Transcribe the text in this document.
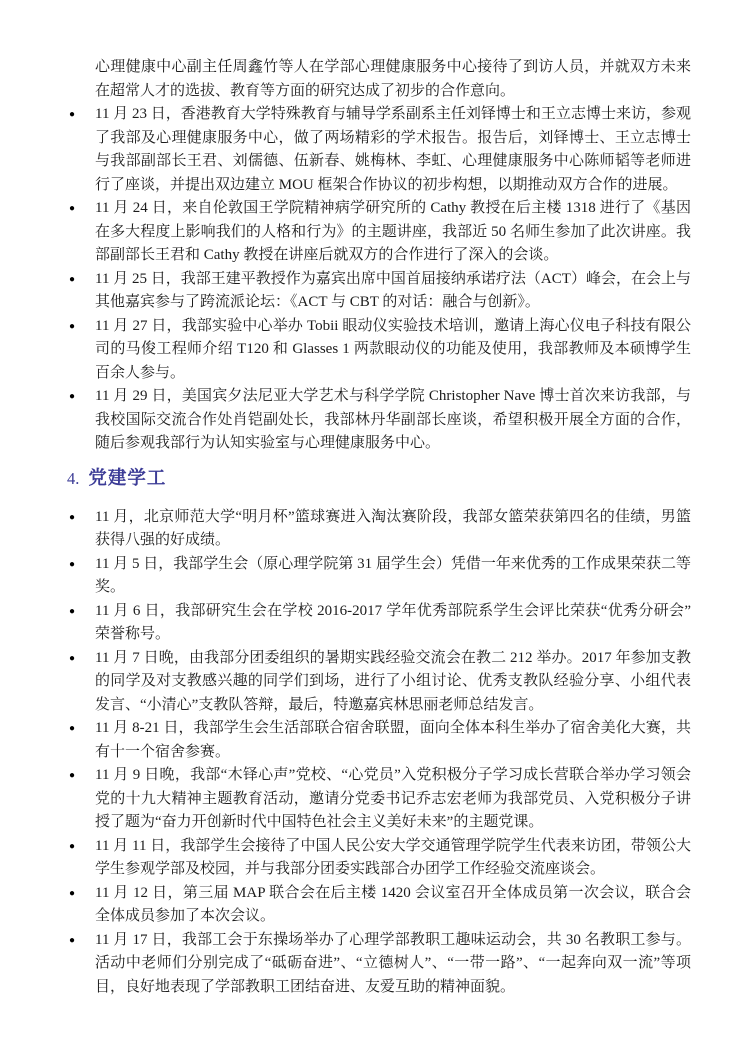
心理健康中心副主任周鑫竹等人在学部心理健康服务中心接待了到访人员，并就双方未来在超常人才的选拔、教育等方面的研究达成了初步的合作意向。

● 11 月 23 日，香港教育大学特殊教育与辅导学系副系主任刘铎博士和王立志博士来访，参观了我部及心理健康服务中心，做了两场精彩的学术报告。报告后，刘铎博士、王立志博士与我部副部长王君、刘儒德、伍新春、姚梅林、李虹、心理健康服务中心陈师韬等老师进行了座谈，并提出双边建立 MOU 框架合作协议的初步构想，以期推动双方合作的进展。
● 11 月 24 日，来自伦敦国王学院精神病学研究所的 Cathy 教授在后主楼 1318 进行了《基因在多大程度上影响我们的人格和行为》的主题讲座，我部近 50 名师生参加了此次讲座。我部副部长王君和 Cathy 教授在讲座后就双方的合作进行了深入的会谈。
● 11 月 25 日，我部王建平教授作为嘉宾出席中国首届接纳承诺疗法（ACT）峰会，在会上与其他嘉宾参与了跨流派论坛：《ACT 与 CBT 的对话：融合与创新》。
● 11 月 27 日，我部实验中心举办 Tobii 眼动仪实验技术培训，邀请上海心仪电子科技有限公司的马俊工程师介绍 T120 和 Glasses 1 两款眼动仪的功能及使用，我部教师及本硕博学生百余人参与。
● 11 月 29 日，美国宾夕法尼亚大学艺术与科学学院 Christopher Nave 博士首次来访我部，与我校国际交流合作处肖铠副处长，我部林丹华副部长座谈，希望积极开展全方面的合作，随后参观我部行为认知实验室与心理健康服务中心。
4. 党建学工
● 11 月，北京师范大学“明月杯”篮球赛进入淘汰赛阶段，我部女篮荣获第四名的佳绩，男篮获得八强的好成绩。
● 11 月 5 日，我部学生会（原心理学院第 31 届学生会）凭借一年来优秀的工作成果荣获二等奖。
● 11 月 6 日，我部研究生会在学校 2016-2017 学年优秀部院系学生会评比荣获“优秀分研会”荣誉称号。
● 11 月 7 日晚，由我部分团委组织的暑期实践经验交流会在教二 212 举办。2017 年参加支教的同学及对支教感兴趣的同学们到场，进行了小组讨论、优秀支教队经验分享、小组代表发言、“小清心”支教队答辩，最后，特邀嘉宾林思丽老师总结发言。
● 11 月 8-21 日，我部学生会生活部联合宿舍联盟，面向全体本科生举办了宿舍美化大赛，共有十一个宿舍参赛。
● 11 月 9 日晚，我部“木铎心声”党校、“心党员”入党积极分子学习成长营联合举办学习领会党的十九大精神主题教育活动，邀请分党委书记乔志宏老师为我部党员、入党积极分子讲授了题为“奋力开创新时代中国特色社会主义美好未来”的主题党课。
● 11 月 11 日，我部学生会接待了中国人民公安大学交通管理学院学生代表来访团，带领公大学生参观学部及校园，并与我部分团委实践部合办团学工作经验交流座谈会。
● 11 月 12 日，第三届 MAP 联合会在后主楼 1420 会议室召开全体成员第一次会议，联合会全体成员参加了本次会议。
● 11 月 17 日，我部工会于东操场举办了心理学部教职工趣味运动会，共 30 名教职工参与。活动中老师们分别完成了“砥砺奋进”、“立德树人”、“一带一路”、“一起奔向双一流”等项目，良好地表现了学部教职工团结奋进、友爱互助的精神面貌。
